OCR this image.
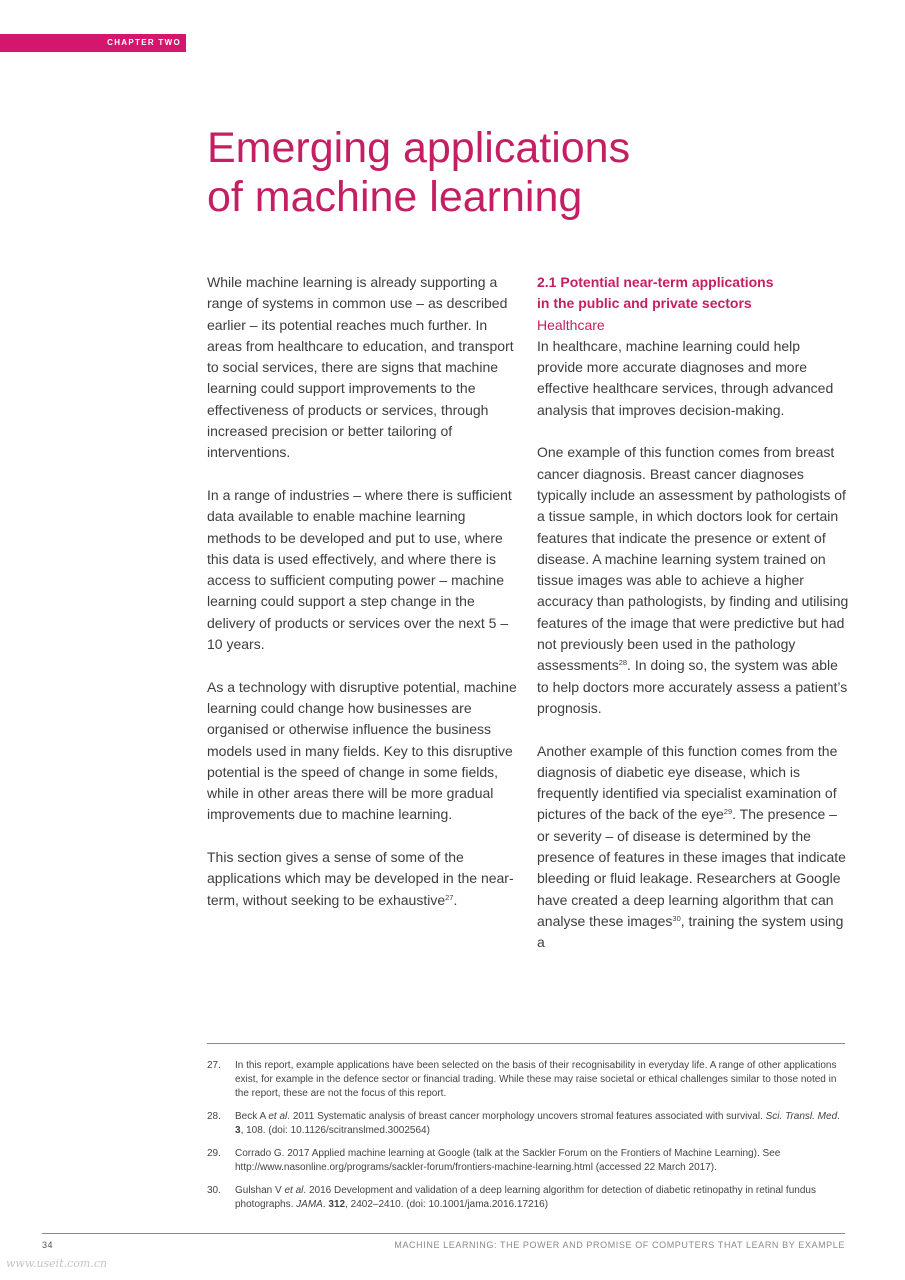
CHAPTER TWO
Emerging applications
of machine learning

While machine learning is already supporting a range of systems in common use – as described earlier – its potential reaches much further. In areas from healthcare to education, and transport to social services, there are signs that machine learning could support improvements to the effectiveness of products or services, through increased precision or better tailoring of interventions.

In a range of industries – where there is sufficient data available to enable machine learning methods to be developed and put to use, where this data is used effectively, and where there is access to sufficient computing power – machine learning could support a step change in the delivery of products or services over the next 5 – 10 years.

As a technology with disruptive potential, machine learning could change how businesses are organised or otherwise influence the business models used in many fields. Key to this disruptive potential is the speed of change in some fields, while in other areas there will be more gradual improvements due to machine learning.

This section gives a sense of some of the applications which may be developed in the near-term, without seeking to be exhaustive$^{27}$.

2.1 Potential near-term applications
in the public and private sectors
Healthcare

In healthcare, machine learning could help provide more accurate diagnoses and more effective healthcare services, through advanced analysis that improves decision-making.

One example of this function comes from breast cancer diagnosis. Breast cancer diagnoses typically include an assessment by pathologists of a tissue sample, in which doctors look for certain features that indicate the presence or extent of disease. A machine learning system trained on tissue images was able to achieve a higher accuracy than pathologists, by finding and utilising features of the image that were predictive but had not previously been used in the pathology assessments$^{28}$. In doing so, the system was able to help doctors more accurately assess a patient’s prognosis.

Another example of this function comes from the diagnosis of diabetic eye disease, which is frequently identified via specialist examination of pictures of the back of the eye$^{29}$. The presence – or severity – of disease is determined by the presence of features in these images that indicate bleeding or fluid leakage. Researchers at Google have created a deep learning algorithm that can analyse these images$^{30}$, training the system using a

27.	In this report, example applications have been selected on the basis of their recognisability in everyday life. A range of other applications exist, for example in the defence sector or financial trading. While these may raise societal or ethical challenges similar to those noted in the report, these are not the focus of this report.
28.	Beck A et al. 2011 Systematic analysis of breast cancer morphology uncovers stromal features associated with survival. Sci. Transl. Med. 3, 108. (doi: 10.1126/scitranslmed.3002564)
29.	Corrado G. 2017 Applied machine learning at Google (talk at the Sackler Forum on the Frontiers of Machine Learning). See http://www.nasonline.org/programs/sackler-forum/frontiers-machine-learning.html (accessed 22 March 2017).
30.	Gulshan V et al. 2016 Development and validation of a deep learning algorithm for detection of diabetic retinopathy in retinal fundus photographs. JAMA. 312, 2402–2410. (doi: 10.1001/jama.2016.17216)
34	MACHINE LEARNING: THE POWER AND PROMISE OF COMPUTERS THAT LEARN BY EXAMPLE
www.useit.com.cn
